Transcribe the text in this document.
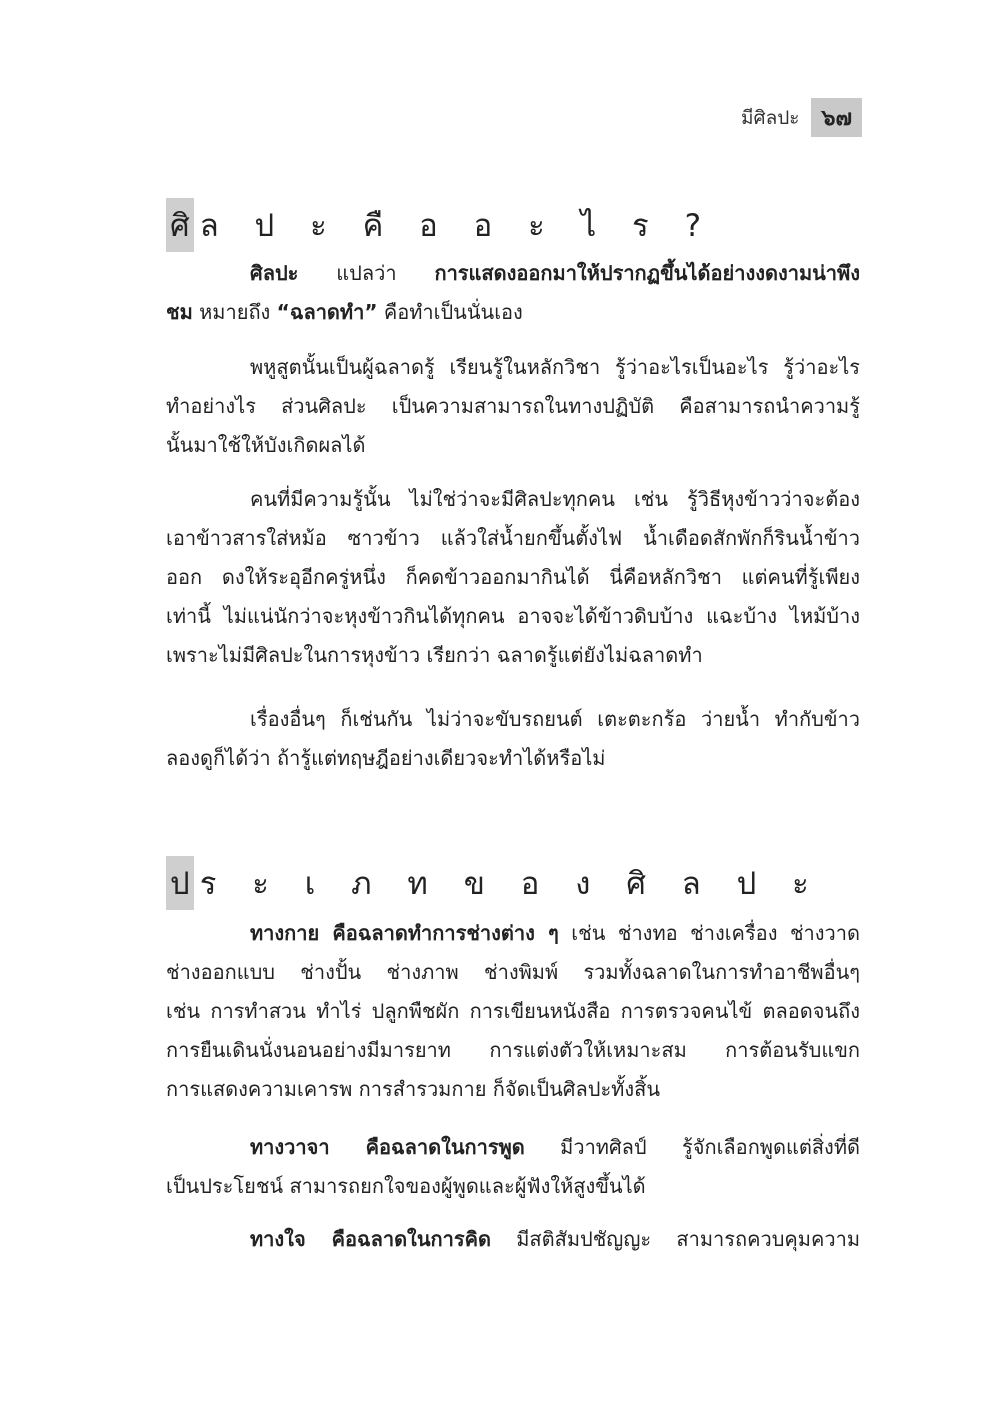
มีศิลปะ	๖๗
ศิ ล ป ะ คื อ อ ะ ไ ร ?
ศิลปะ แปลว่า การแสดงออกมาให้ปรากฏขึ้นได้อย่างงดงามน่าพึง
ชม หมายถึง “ฉลาดทำ” คือทำเป็นนั่นเอง
พหูสูตนั้นเป็นผู้ฉลาดรู้ เรียนรู้ในหลักวิชา รู้ว่าอะไรเป็นอะไร รู้ว่าอะไร
ทำอย่างไร ส่วนศิลปะ เป็นความสามารถในทางปฏิบัติ คือสามารถนำความรู้
นั้นมาใช้ให้บังเกิดผลได้
คนที่มีความรู้นั้น ไม่ใช่ว่าจะมีศิลปะทุกคน เช่น รู้วิธีหุงข้าวว่าจะต้อง
เอาข้าวสารใส่หม้อ ซาวข้าว แล้วใส่น้ำยกขึ้นตั้งไฟ น้ำเดือดสักพักก็รินน้ำข้าว
ออก ดงให้ระอุอีกครู่หนึ่ง ก็คดข้าวออกมากินได้ นี่คือหลักวิชา แต่คนที่รู้เพียง
เท่านี้ ไม่แน่นักว่าจะหุงข้าวกินได้ทุกคน อาจจะได้ข้าวดิบบ้าง แฉะบ้าง ไหม้บ้าง
เพราะไม่มีศิลปะในการหุงข้าว เรียกว่า ฉลาดรู้แต่ยังไม่ฉลาดทำ
เรื่องอื่นๆ ก็เช่นกัน ไม่ว่าจะขับรถยนต์ เตะตะกร้อ ว่ายน้ำ ทำกับข้าว
ลองดูก็ได้ว่า ถ้ารู้แต่ทฤษฎีอย่างเดียวจะทำได้หรือไม่
ป ร ะ เ ภ ท ข อ ง ศิ ล ป ะ
ทางกาย คือฉลาดทำการช่างต่าง ๆ เช่น ช่างทอ ช่างเครื่อง ช่างวาด
ช่างออกแบบ ช่างปั้น ช่างภาพ ช่างพิมพ์ รวมทั้งฉลาดในการทำอาชีพอื่นๆ
เช่น การทำสวน ทำไร่ ปลูกพืชผัก การเขียนหนังสือ การตรวจคนไข้ ตลอดจนถึง
การยืนเดินนั่งนอนอย่างมีมารยาท การแต่งตัวให้เหมาะสม การต้อนรับแขก
การแสดงความเคารพ การสำรวมกาย ก็จัดเป็นศิลปะทั้งสิ้น
ทางวาจา คือฉลาดในการพูด มีวาทศิลป์ รู้จักเลือกพูดแต่สิ่งที่ดี
เป็นประโยชน์ สามารถยกใจของผู้พูดและผู้ฟังให้สูงขึ้นได้
ทางใจ คือฉลาดในการคิด มีสติสัมปชัญญะ สามารถควบคุมความ
